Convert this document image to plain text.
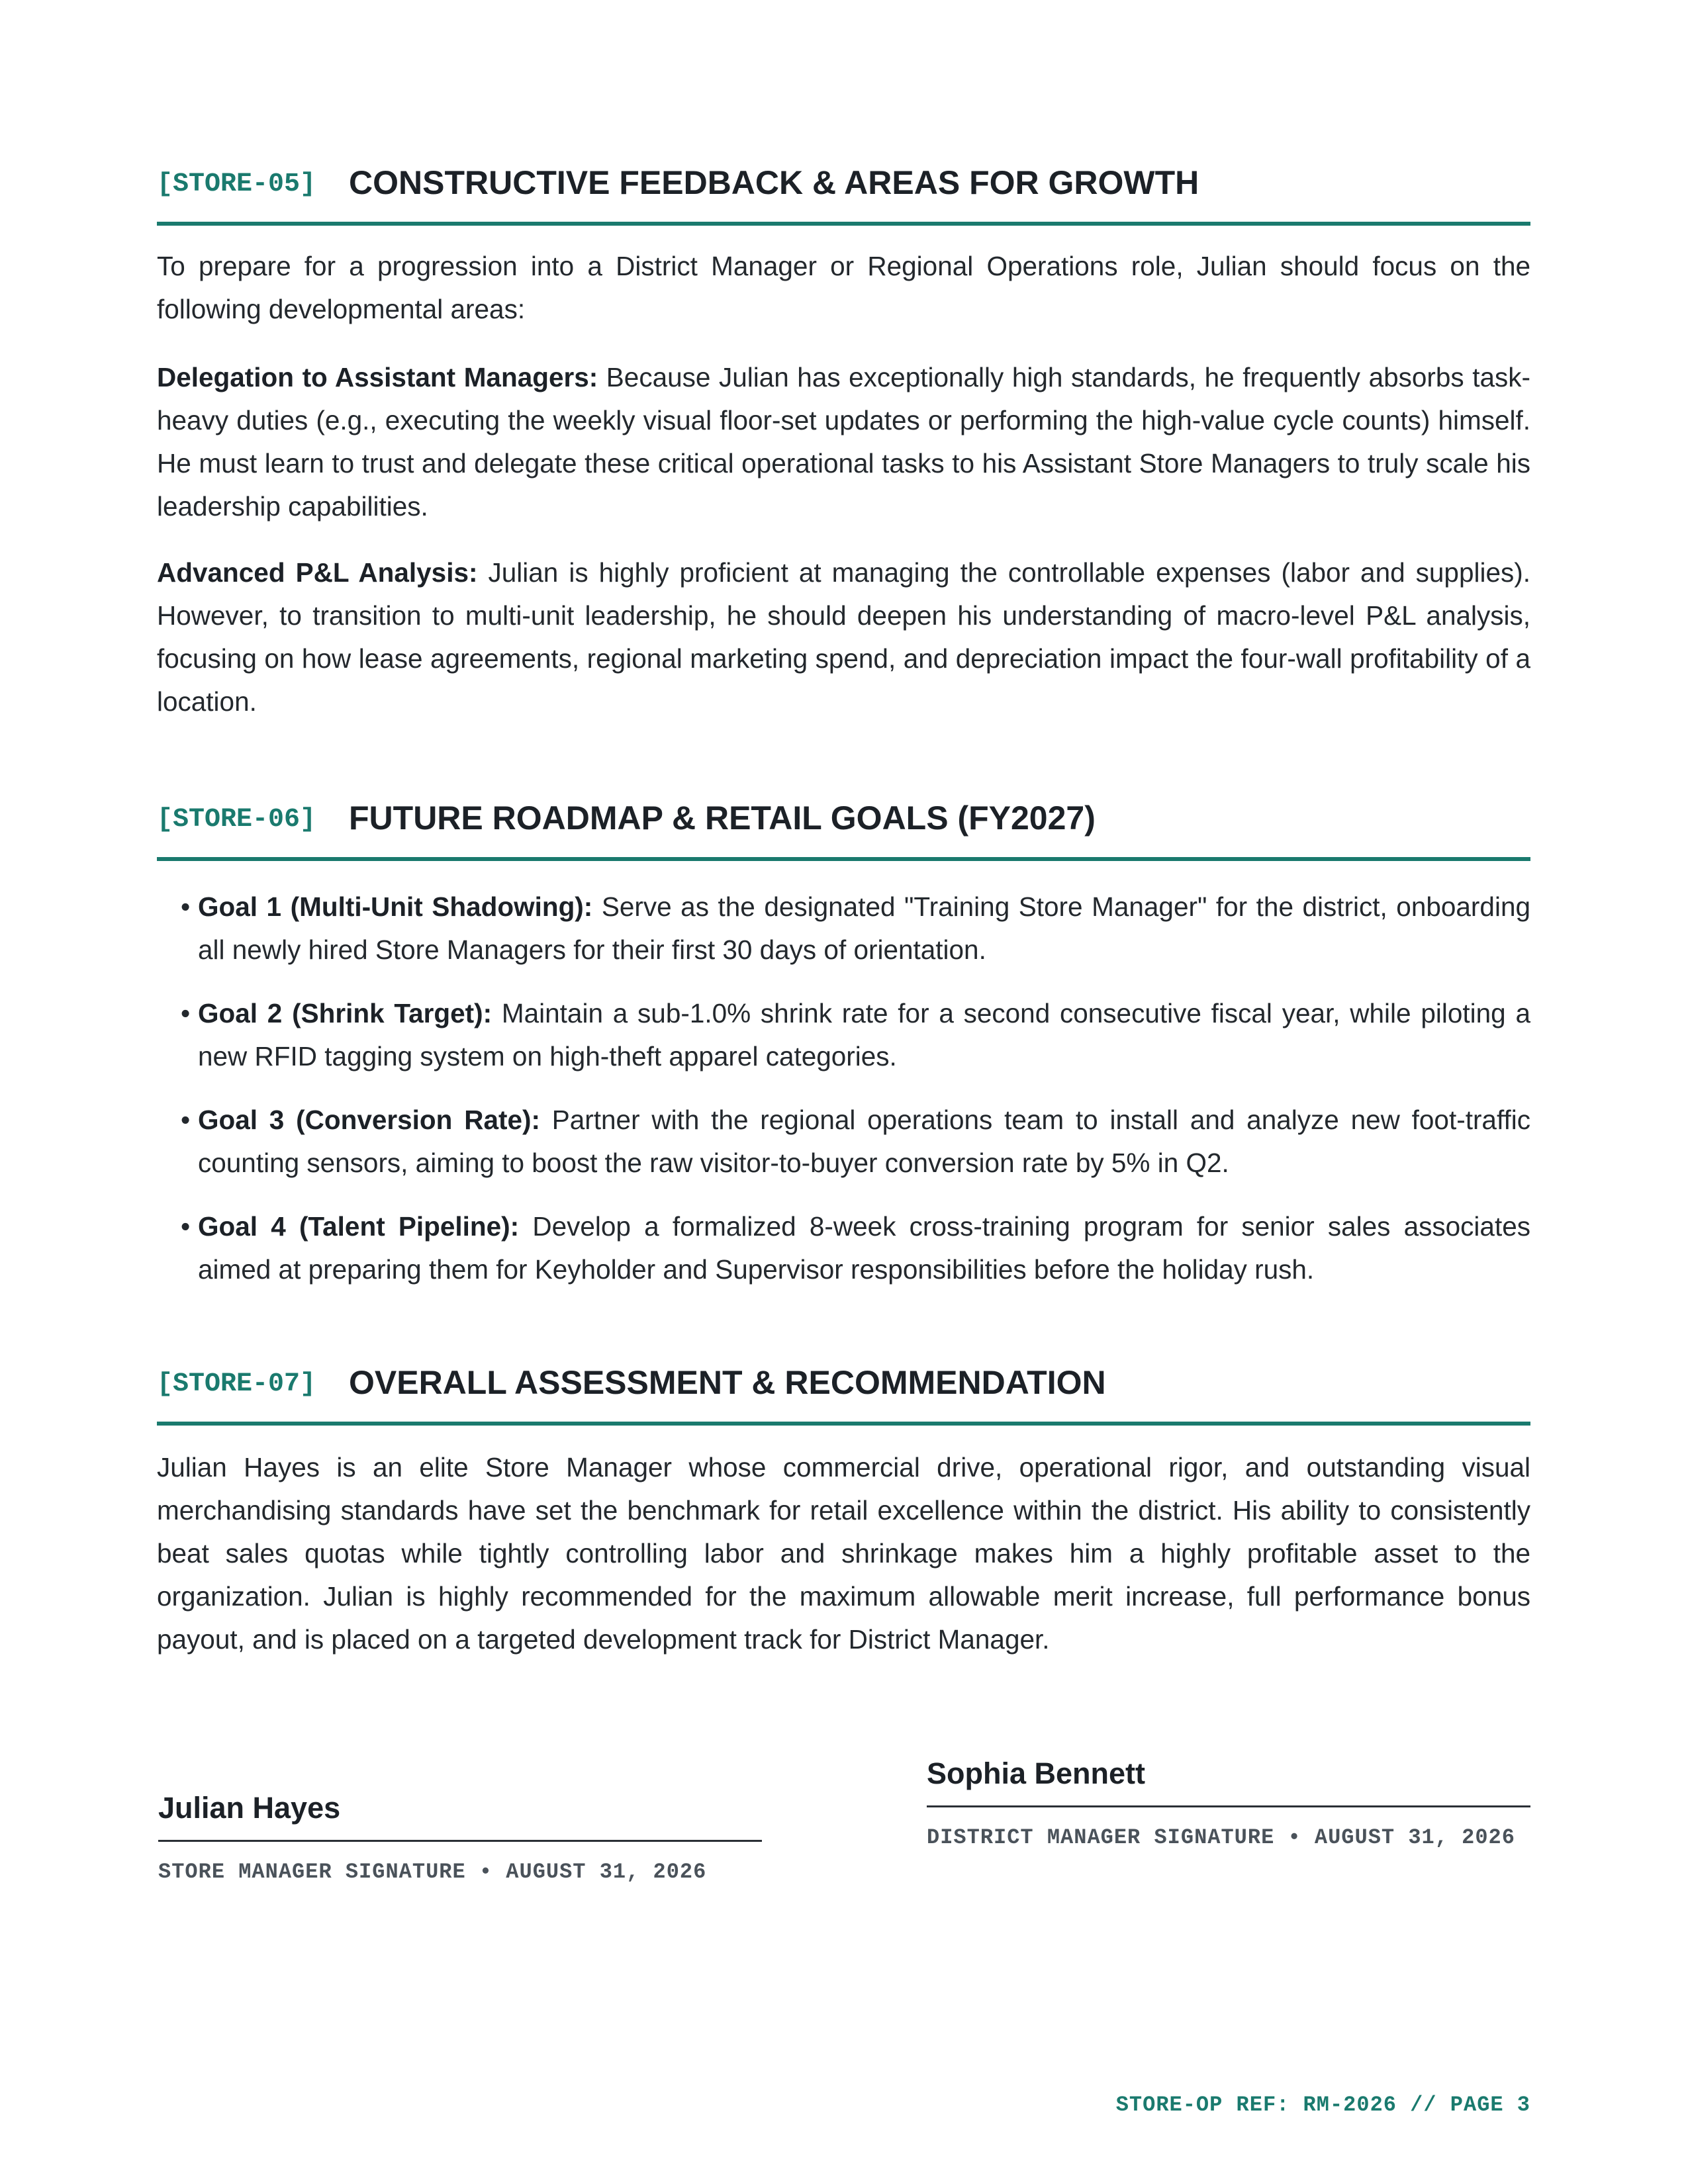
[STORE-05] CONSTRUCTIVE FEEDBACK & AREAS FOR GROWTH

To prepare for a progression into a District Manager or Regional Operations role, Julian should focus on the following developmental areas:

Delegation to Assistant Managers: Because Julian has exceptionally high standards, he frequently absorbs task-heavy duties (e.g., executing the weekly visual floor-set updates or performing the high-value cycle counts) himself. He must learn to trust and delegate these critical operational tasks to his Assistant Store Managers to truly scale his leadership capabilities.

Advanced P&L Analysis: Julian is highly proficient at managing the controllable expenses (labor and supplies). However, to transition to multi-unit leadership, he should deepen his understanding of macro-level P&L analysis, focusing on how lease agreements, regional marketing spend, and depreciation impact the four-wall profitability of a location.

[STORE-06] FUTURE ROADMAP & RETAIL GOALS (FY2027)
• Goal 1 (Multi-Unit Shadowing): Serve as the designated "Training Store Manager" for the district, onboarding all newly hired Store Managers for their first 30 days of orientation.
• Goal 2 (Shrink Target): Maintain a sub-1.0% shrink rate for a second consecutive fiscal year, while piloting a new RFID tagging system on high-theft apparel categories.
• Goal 3 (Conversion Rate): Partner with the regional operations team to install and analyze new foot-traffic counting sensors, aiming to boost the raw visitor-to-buyer conversion rate by 5% in Q2.
• Goal 4 (Talent Pipeline): Develop a formalized 8-week cross-training program for senior sales associates aimed at preparing them for Keyholder and Supervisor responsibilities before the holiday rush.
[STORE-07] OVERALL ASSESSMENT & RECOMMENDATION

Julian Hayes is an elite Store Manager whose commercial drive, operational rigor, and outstanding visual merchandising standards have set the benchmark for retail excellence within the district. His ability to consistently beat sales quotas while tightly controlling labor and shrinkage makes him a highly profitable asset to the organization. Julian is highly recommended for the maximum allowable merit increase, full performance bonus payout, and is placed on a targeted development track for District Manager.

Julian Hayes
STORE MANAGER SIGNATURE • AUGUST 31, 2026
Sophia Bennett
DISTRICT MANAGER SIGNATURE • AUGUST 31, 2026
STORE-OP REF: RM-2026 // PAGE 3
